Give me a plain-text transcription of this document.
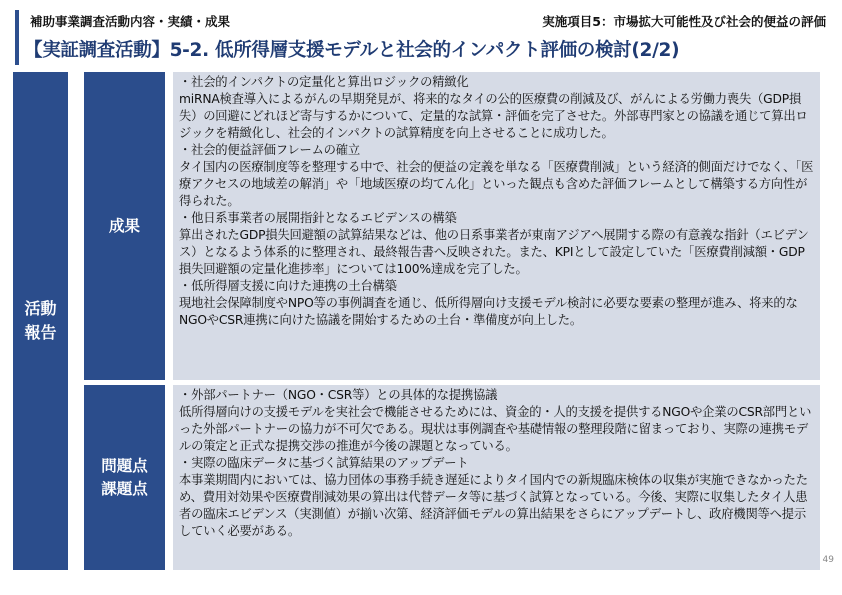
補助事業調査活動内容・実績・成果	実施項目5：市場拡大可能性及び社会的便益の評価
【実証調査活動】5-2. 低所得層支援モデルと社会的インパクト評価の検討(2/2)
活動報告
成果

・社会的インパクトの定量化と算出ロジックの精緻化

miRNA検査導入によるがんの早期発見が、将来的なタイの公的医療費の削減及び、がんによる労働力喪失（GDP損失）の回避にどれほど寄与するかについて、定量的な試算・評価を完了させた。外部専門家との協議を通じて算出ロジックを精緻化し、社会的インパクトの試算精度を向上させることに成功した。

・社会的便益評価フレームの確立

タイ国内の医療制度等を整理する中で、社会的便益の定義を単なる「医療費削減」という経済的側面だけでなく、「医療アクセスの地域差の解消」や「地域医療の均てん化」といった観点も含めた評価フレームとして構築する方向性が得られた。

・他日系事業者の展開指針となるエビデンスの構築

算出されたGDP損失回避額の試算結果などは、他の日系事業者が東南アジアへ展開する際の有意義な指針（エビデンス）となるよう体系的に整理され、最終報告書へ反映された。また、KPIとして設定していた「医療費削減額・GDP損失回避額の定量化進捗率」については100%達成を完了した。

・低所得層支援に向けた連携の土台構築

現地社会保障制度やNPO等の事例調査を通じ、低所得層向け支援モデル検討に必要な要素の整理が進み、将来的なNGOやCSR連携に向けた協議を開始するための土台・準備度が向上した。

問題点
課題点

・外部パートナー（NGO・CSR等）との具体的な提携協議

低所得層向けの支援モデルを実社会で機能させるためには、資金的・人的支援を提供するNGOや企業のCSR部門といった外部パートナーの協力が不可欠である。現状は事例調査や基礎情報の整理段階に留まっており、実際の連携モデルの策定と正式な提携交渉の推進が今後の課題となっている。

・実際の臨床データに基づく試算結果のアップデート

本事業期間内においては、協力団体の事務手続き遅延によりタイ国内での新規臨床検体の収集が実施できなかったため、費用対効果や医療費削減効果の算出は代替データ等に基づく試算となっている。今後、実際に収集したタイ人患者の臨床エビデンス（実測値）が揃い次第、経済評価モデルの算出結果をさらにアップデートし、政府機関等へ提示していく必要がある。

49
